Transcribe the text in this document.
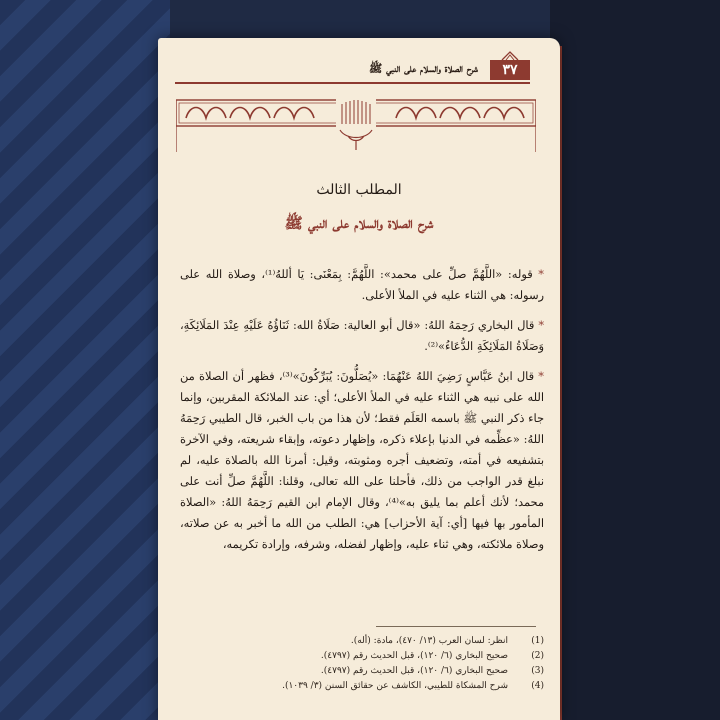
٣٧
شرح الصلاة والسلام على النبي ﷺ
المطلب الثالث
شرح الصلاة والسلام على النبي ﷺ

* قوله: «اللَّهُمَّ صلِّ على محمد»: اللَّهُمَّ: بِمَعْنَى: يَا أللهُ⁽¹⁾، وصلاة الله على رسوله: هي الثناء عليه في الملأ الأعلى.

* قال البخاري رَحِمَهُ اللهُ: «قال أبو العالية: صَلَاةُ الله: ثَنَاؤُهُ عَلَيْهِ عِنْدَ المَلَائِكَةِ، وَصَلَاةُ المَلَائِكَةِ الدُّعَاءُ»⁽²⁾.

* قال ابنُ عَبَّاسٍ رَضِيَ اللهُ عَنْهُمَا: «يُصَلُّونَ: يُبَرِّكُونَ»⁽³⁾، فظهر أن الصلاة من الله على نبيه هي الثناء عليه في الملأ الأعلى؛ أي: عند الملائكة المقربين، وإنما جاء ذكر النبي ﷺ باسمه العَلَم فقط؛ لأن هذا من باب الخبر، قال الطيبي رَحِمَهُ اللهُ: «عظِّمه في الدنيا بإعلاء ذكره، وإظهار دعوته، وإبقاء شريعته، وفي الآخرة بتشفيعه في أمته، وتضعيف أجره ومثوبته، وقيل: أمرنا الله بالصلاة عليه، لم نبلغ قدر الواجب من ذلك، فأحلنا على الله تعالى، وقلنا: اللَّهُمَّ صلِّ أنت على محمد؛ لأنك أعلم بما يليق به»⁽⁴⁾، وقال الإمام ابن القيم رَحِمَهُ اللهُ: «الصلاة المأمور بها فيها [أي: آية الأحزاب] هي: الطلب من الله ما أخبر به عن صلاته، وصلاة ملائكته، وهي ثناء عليه، وإظهار لفضله، وشرفه، وإرادة تكريمه،

(1)
انظر: لسان العرب (١٣/ ٤٧٠)، مادة: (أله).
(2)
صحيح البخاري (٦/ ١٢٠)، قبل الحديث رقم (٤٧٩٧).
(3)
صحيح البخاري (٦/ ١٢٠)، قبل الحديث رقم (٤٧٩٧).
(4)
شرح المشكاة للطيبي، الكاشف عن حقائق السنن (٣/ ١٠٣٩).
